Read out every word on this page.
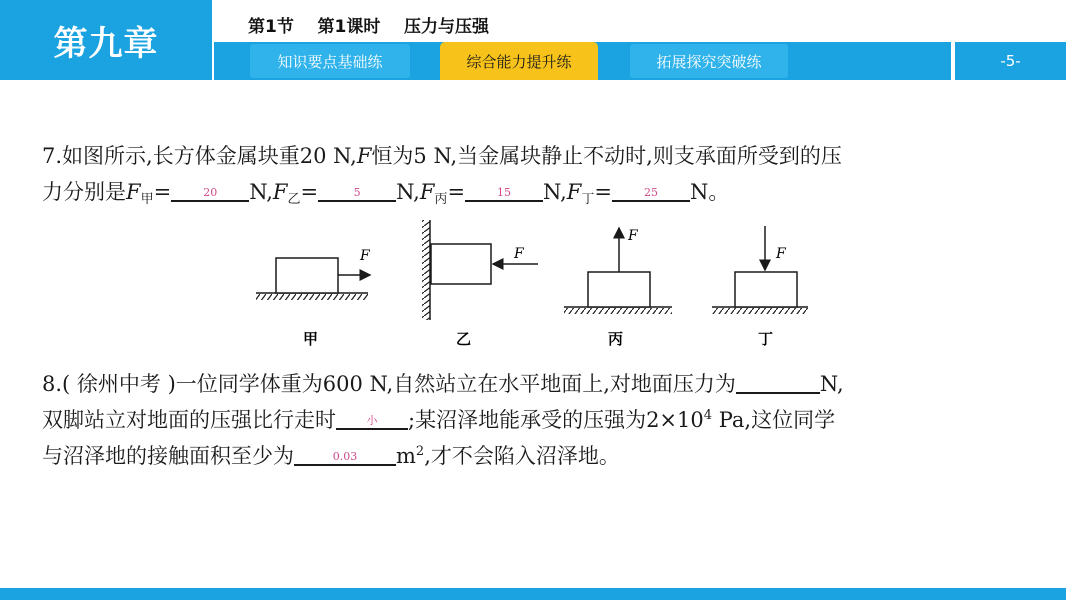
第九章	第1节    第1课时    压力与压强
知识要点基础练	综合能力提升练	拓展探究突破练	-5-
7.如图所示,长方体金属块重20 N,F恒为5 N,当金属块静止不动时,则支承面所受到的压
力分别是$F_甲=$	20	$N,F_乙=$	5	$N,F_丙=$	15	$N,F_丁=$	25	N。
F
甲
F
乙
F
丙
F
丁
8.( 徐州中考 )一位同学体重为600 N,自然站立在水平地面上,对地面压力为	N,
双脚站立对地面的压强比行走时	小	;某沼泽地能承受的压强为$2\times 10^4$ Pa,这位同学
与沼泽地的接触面积至少为	0.03	$m^2$,才不会陷入沼泽地。
